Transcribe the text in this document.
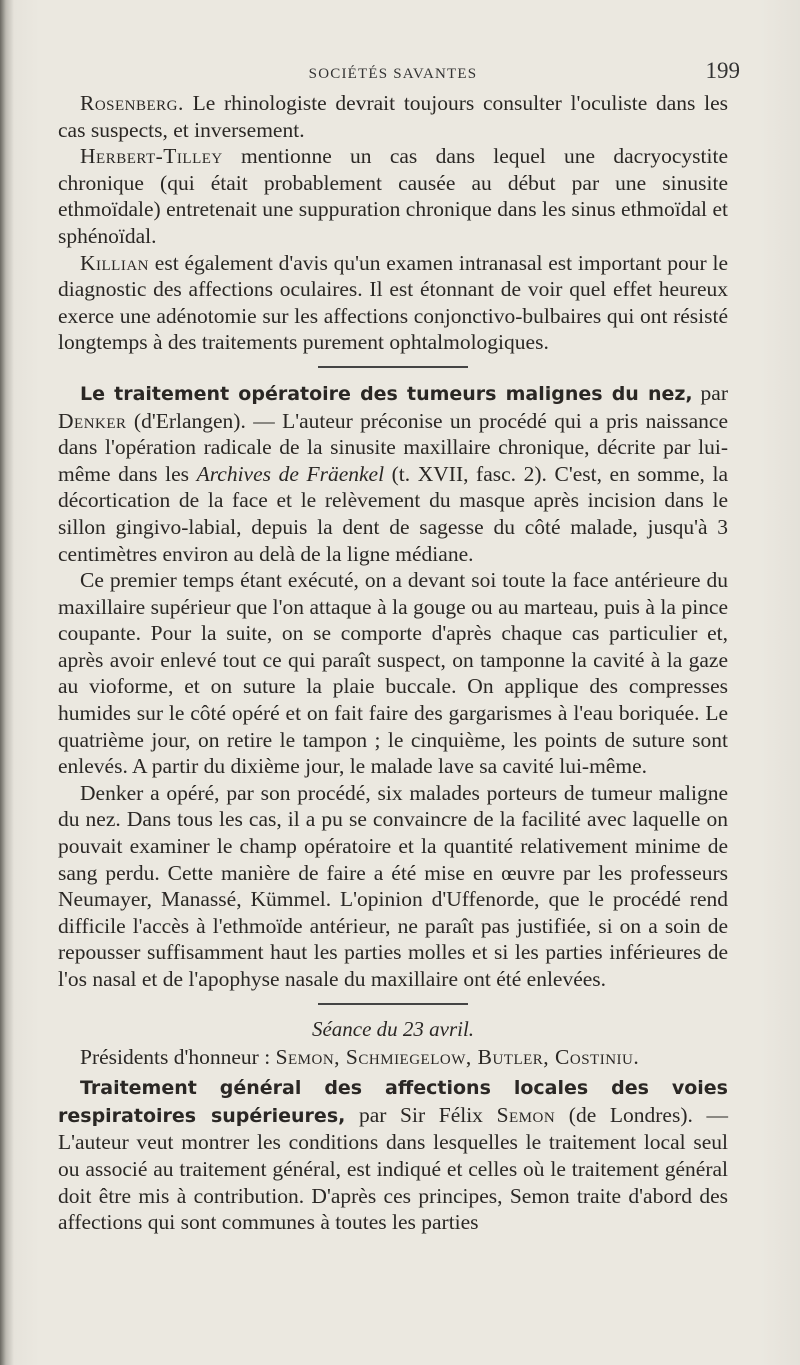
SOCIÉTÉS SAVANTES	199

Rosenberg. Le rhinologiste devrait toujours consulter l'oculiste dans les cas suspects, et inversement.

Herbert-Tilley mentionne un cas dans lequel une dacryocystite chronique (qui était probablement causée au début par une sinusite ethmoïdale) entretenait une suppuration chronique dans les sinus ethmoïdal et sphénoïdal.

Killian est également d'avis qu'un examen intranasal est important pour le diagnostic des affections oculaires. Il est étonnant de voir quel effet heureux exerce une adénotomie sur les affections conjonctivo-bulbaires qui ont résisté longtemps à des traitements purement ophtalmologiques.

Le traitement opératoire des tumeurs malignes du nez, par Denker (d'Erlangen). — L'auteur préconise un procédé qui a pris naissance dans l'opération radicale de la sinusite maxillaire chronique, décrite par lui-même dans les Archives de Fräenkel (t. XVII, fasc. 2). C'est, en somme, la décortication de la face et le relèvement du masque après incision dans le sillon gingivo-labial, depuis la dent de sagesse du côté malade, jusqu'à 3 centimètres environ au delà de la ligne médiane.

Ce premier temps étant exécuté, on a devant soi toute la face antérieure du maxillaire supérieur que l'on attaque à la gouge ou au marteau, puis à la pince coupante. Pour la suite, on se comporte d'après chaque cas particulier et, après avoir enlevé tout ce qui paraît suspect, on tamponne la cavité à la gaze au vioforme, et on suture la plaie buccale. On applique des compresses humides sur le côté opéré et on fait faire des gargarismes à l'eau boriquée. Le quatrième jour, on retire le tampon ; le cinquième, les points de suture sont enlevés. A partir du dixième jour, le malade lave sa cavité lui-même.

Denker a opéré, par son procédé, six malades porteurs de tumeur maligne du nez. Dans tous les cas, il a pu se convaincre de la facilité avec laquelle on pouvait examiner le champ opératoire et la quantité relativement minime de sang perdu. Cette manière de faire a été mise en œuvre par les professeurs Neumayer, Manassé, Kümmel. L'opinion d'Uffenorde, que le procédé rend difficile l'accès à l'ethmoïde antérieur, ne paraît pas justifiée, si on a soin de repousser suffisamment haut les parties molles et si les parties inférieures de l'os nasal et de l'apophyse nasale du maxillaire ont été enlevées.

Séance du 23 avril.

Présidents d'honneur : Semon, Schmiegelow, Butler, Costiniu.

Traitement général des affections locales des voies respiratoires supérieures, par Sir Félix Semon (de Londres). — L'auteur veut montrer les conditions dans lesquelles le traitement local seul ou associé au traitement général, est indiqué et celles où le traitement général doit être mis à contribution. D'après ces principes, Semon traite d'abord des affections qui sont communes à toutes les parties
